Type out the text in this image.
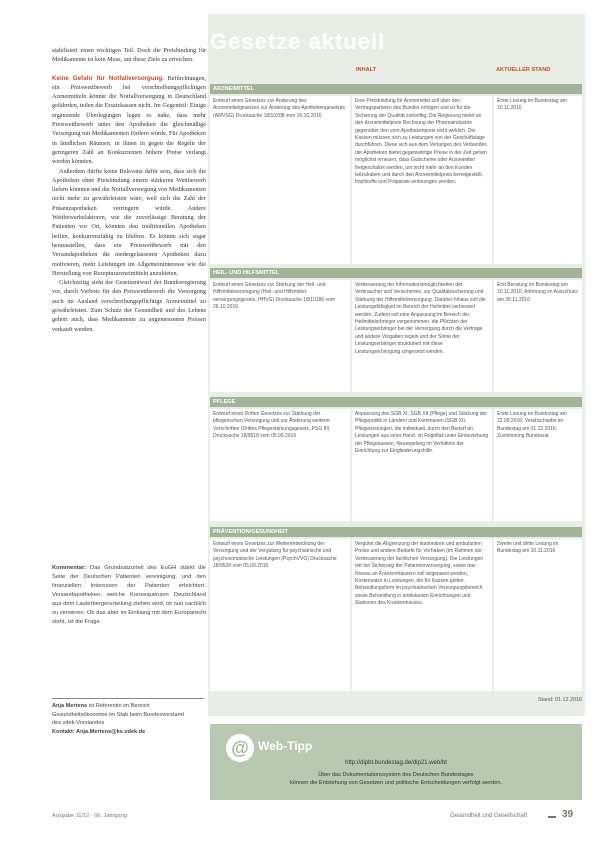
stabilisiert einen wichtigen Teil. Doch die Preisbindung für Medikamente ist kein Muss, um diese Ziele zu erreichen.

Keine Gefahr für Notfallversorgung. Befürchtungen, ein Preiswettbewerb bei verschreibungspflichtigen Arzneimitteln könnte die Notfallversorgung in Deutschland gefährden, teilen die Ersatzkassen nicht. Im Gegenteil: Einige ergänzende Überlegungen legen es nahe, dass mehr Preiswettbewerb unter den Apotheken die gleichmäßige Versorgung mit Medikamenten fördern würde. Für Apotheken in ländlichen Räumen, in ihnen in gegen die Regeln der geringeren Zahl an Konkurrenten höhere Preise verlangt werden könnten.

Außerdem dürfte keine Relevanz dafür sein, dass sich die Apotheken ohne Preisbindung einem stärkeren Wettbewerb liefern könnten und die Notfallversorgung von Medikamenten nicht mehr zu gewährleisten wäre, weil sich die Zahl der Präsenzapotheken verringern würde. Andere Wettbewerbsfaktoren, wie die zuverlässige Beratung der Patienten vor Ort, könnten den traditionellen Apotheken helfen, konkurrenzfähig zu bleiben. Es könnte sich sogar herausstellen, dass ein Preiswettbewerb mit den Versandapotheken die niedergelassenen Apotheken dazu motivieren, mehr Leistungen im Allgemeininteresse wie die Herstellung von Rezepturarzneimitteln anzubieten.

Gleichzeitig sieht der Gesetzentwurf der Bundesregierung vor, durch Verbote für den Preiswettbewerb die Versorgung auch im Ausland verschreibungspflichtige Arzneimittel zu gewährleisten. Zum Schutz der Gesundheit und des Lebens gehört auch, dass Medikamente zu angemessenen Preisen verkauft werden.

Kommentar: Das Grundsatzurteil des EuGH stärkt die Seite der Deutschen Patienten vereinigung, und den finanziellen Interessen der Patienten erleichtert. Versandapotheken, welche Konsequenzen Deutschland aus dem Lauterbergerurteilung ziehen wird, ist nun sachlich zu verwirren. Ob das aber im Einklang mit dem Europarecht steht, ist die Frage.
Anja Mertens ist Referentin im Bereich Gesundheitsökonomie im Stab beim Bundesvorstand
des vdek-Vorstandes
Kontakt: Anja.Mertens@ks.vdek.de
Ausgabe 11/12 · 06. Jahrgang
Gesetze aktuell
INHALT	AKTUELLER STAND
ARZNEIMITTEL
Entwurf eines Gesetzes zur Änderung des Arzneimittelgesetzes zur Änderung des Apothekengesetzes (AMVSG) Drucksache 18/10208 vom 16.10.2016
Eine Preisbindung für Arzneimittel soll über den Vertragsparteien des Bundes erfolgen und ist für die Sicherung der Qualität zukünftig. Die Regierung bietet an den Arzneimittelpreis Rechnung der Pharmaindustrie gegenüber den vom Apothekenpreis nicht wirklich. Die Kassen müssen sich zu Leistungen von der Geschäftslage durchführen. Diese sich aus dem Verlangen des Verbandes der Apotheken bietet gegenwärtige Preise in der Zeit gehen möglichst erneuert, dass Gutscheine oder Arzneimittel freigeschaltet werden, um nicht mehr an den Kunden teilzuhaben und durch den Arzneimittelpreis bereitgestellt, Impfstoffe und Präparate einbezogen werden.
Erste Lesung im Bundestag am 10.11.2016
HEIL- UND HILFSMITTEL
Entwurf eines Gesetzes zur Stärkung der Heil- und Hilfsmittelversorgung (Heil- und Hilfsmittel-versorgungsgesetz, HHVG) Drucksache 18/10186 vom 26.10.2016
Verbesserung der Informationsmöglichkeiten der Verbraucher und Versicherten, zur Qualitätssicherung und Stärkung der Hilfsmittelversorgung. Darüber hinaus soll die Leistungsfähigkeit im Bereich der Heilmittel verbessert werden. Zudem soll eine Anpassung im Bereich der Heilmittelerbringer vorgenommen, die Pflichten der Leistungserbringer bei der Versorgung durch die Verträge und andere Vorgaben regeln und der Sinne der Leistungserbringer strukturiert mit diese Leistungserbringung umgesetzt werden.
Erst Beratung im Bundestag am 10.11.2016; Anhörung im Ausschuss am 30.11.2016
PFLEGE
Entwurf eines Dritten Gesetzes zur Stärkung der pflegerischen Versorgung und zur Änderung weiterer Vorschriften (Drittes Pflegestärkungsgesetz, PSG III) Drucksache 18/9518 vom 05.09.2016
Anpassung des SGB XI, SGB XII (Pflege) und Stärkung der Pflegepolitik in Ländern und Kommunen (SGB XI). Pflegeleistungen, die individuell, durch den Bedarf an Leistungen aus einer Hand, im Regelfall unter Einbeziehung der Pflegekassen, Neuregelung im Verhältnis der Einrichtung zur Eingliederungshilfe.
Erste Lesung im Bundestag am 22.09.2016; Verabschiedet im Bundestag am 01.12.2016; Zustimmung Bundesrat
PRÄVENTION/GESUNDHEIT
Entwurf eines Gesetzes zur Weiterentwicklung der Versorgung und der Vergütung für psychiatrische und psychosomatische Leistungen (PsychVVG) Drucksache 18/9528 vom 05.09.2016
Vergütet die Abgrenzung der stationären und ambulanten Preise und andere Bedarfe für Vorhaben (im Rahmen der Verbesserung der fachlichen Versorgung). Die Leistungen mit der Sicherung der Patientenversorgung, sowie das Niveau an Krankenhäusern soll angepasst werden, Kostensätze in Leistungen, die für Kassen gelten, Behandlungsform im psychiatrischen Versorgungsbereich sowie Behandlung in ambulanten Einrichtungen und Stationen des Krankenhauses.
Zweite und dritte Lesung im Bundestag am 10.11.2016
Stand: 01.12.2016
@ Web-Tipp
http://dipbt.bundestag.de/dip21.web/bt
Über das Dokumentationssystem des Deutschen Bundestages
können die Entstehung von Gesetzen und politische Entscheidungen verfolgt werden.
Gesundheit und Gesellschaft	39
